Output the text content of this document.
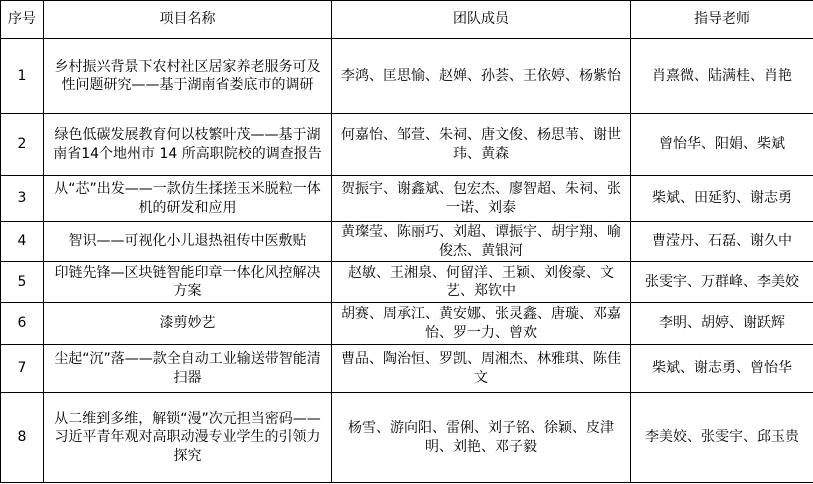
序号	项目名称	团队成员	指导老师
1	乡村振兴背景下农村社区居家养老服务可及性问题研究——基于湖南省娄底市的调研	李鸿、匡思愉、赵婵、孙荟、王依婷、杨紫怡	肖熹微、陆满桂、肖艳
2	绿色低碳发展教育何以枝繁叶茂——基于湖南省14个地州市 14 所高职院校的调查报告	何嘉怡、邹萱、朱祠、唐文俊、杨思苇、谢世玮、黄森	曾怡华、阳娟、柴斌
3	从“芯”出发——一款仿生揉搓玉米脱粒一体机的研发和应用	贺振宇、谢鑫斌、包宏杰、廖智超、朱祠、张一诺、刘泰	柴斌、田延豹、谢志勇
4	智识——可视化小儿退热祖传中医敷贴	黄璨莹、陈丽巧、刘超、谭振宇、胡宇翔、喻俊杰、黄银河	曹滢丹、石磊、谢久中
5	印链先锋—区块链智能印章一体化风控解决方案	赵敏、王湘泉、何留洋、王颖、刘俊豪、文艺、郑钦中	张雯宇、万群峰、李美姣
6	漆剪妙艺	胡赛、周承江、黄安娜、张灵鑫、唐璇、邓嘉怡、罗一力、曾欢	李明、胡婷、谢跃辉
7	尘起“沉”落——款全自动工业输送带智能清扫器	曹品、陶治恒、罗凯、周湘杰、林雅琪、陈佳文	柴斌、谢志勇、曾怡华
8	从二维到多维，解锁“漫”次元担当密码——习近平青年观对高职动漫专业学生的引领力探究	杨雪、游向阳、雷俐、刘子铭、徐颖、皮津明、刘艳、邓子毅	李美姣、张雯宇、邱玉贵
